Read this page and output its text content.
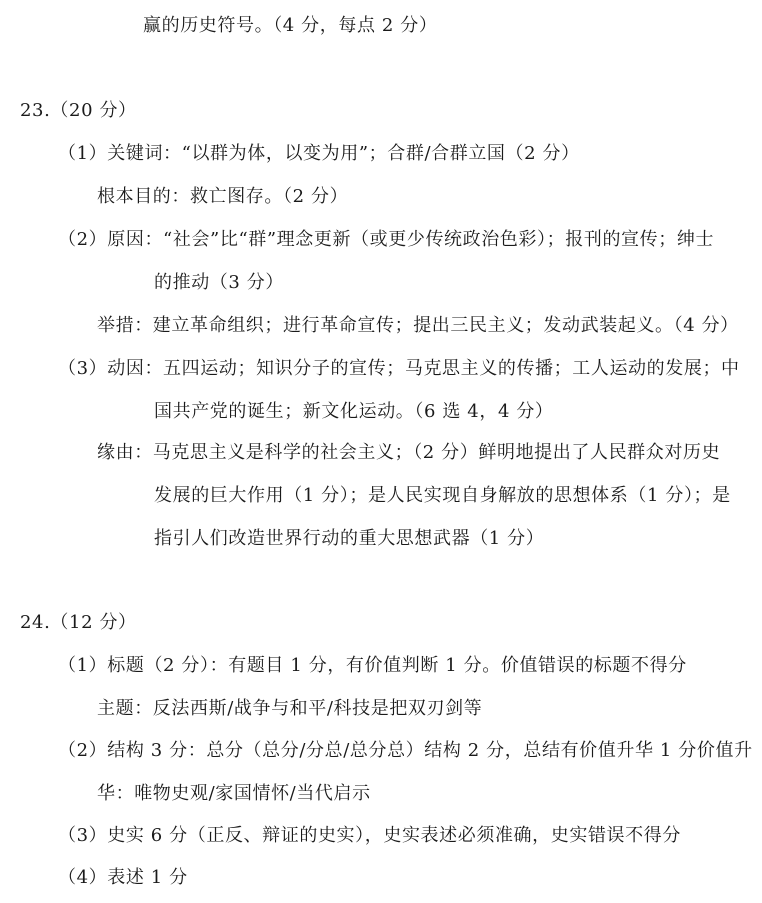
赢的历史符号。（4 分，每点 2 分）
23.（20 分）
（1）关键词：“以群为体，以变为用”；合群/合群立国（2 分）
根本目的：救亡图存。（2 分）
（2）原因：“社会”比“群”理念更新（或更少传统政治色彩）；报刊的宣传；绅士
的推动（3 分）
举措：建立革命组织；进行革命宣传；提出三民主义；发动武装起义。（4 分）
（3）动因：五四运动；知识分子的宣传；马克思主义的传播；工人运动的发展；中
国共产党的诞生；新文化运动。（6 选 4，4 分）
缘由：马克思主义是科学的社会主义；（2 分）鲜明地提出了人民群众对历史
发展的巨大作用（1 分）；是人民实现自身解放的思想体系（1 分）；是
指引人们改造世界行动的重大思想武器（1 分）
24.（12 分）
（1）标题（2 分）：有题目 1 分，有价值判断 1 分。价值错误的标题不得分
主题：反法西斯/战争与和平/科技是把双刃剑等
（2）结构 3 分：总分（总分/分总/总分总）结构 2 分，总结有价值升华 1 分价值升
华：唯物史观/家国情怀/当代启示
（3）史实 6 分（正反、辩证的史实），史实表述必须准确，史实错误不得分
（4）表述 1 分
